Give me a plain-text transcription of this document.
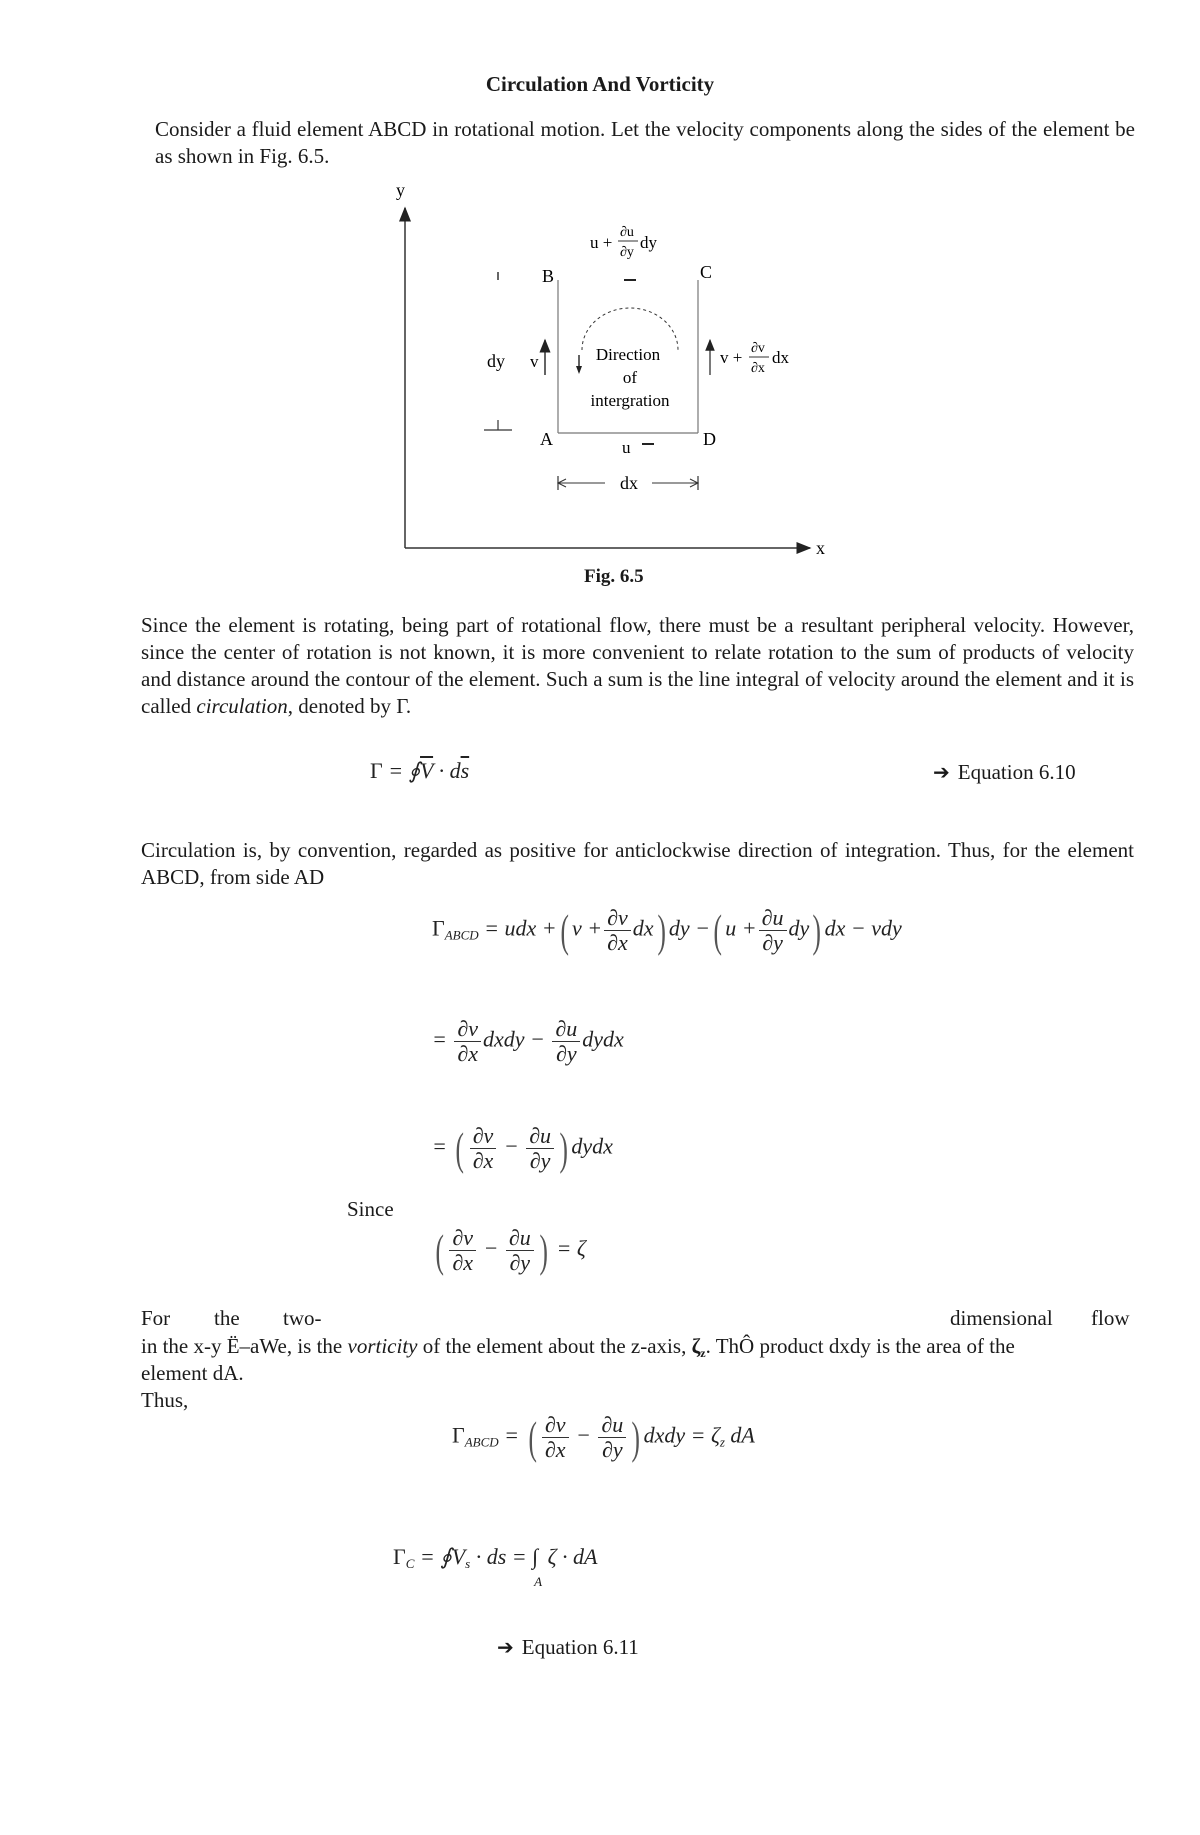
Circulation And Vorticity
Consider a fluid element ABCD in rotational motion. Let the velocity components along the sides of the element be as shown in Fig. 6.5.
y
x
B	C
A	D
u +
∂u
∂y
dy
v	v + ∂v
∂x
dx
u
dy
dx
Direction
of
intergration
Fig. 6.5
Since the element is rotating, being part of rotational flow, there must be a resultant peripheral velocity. However, since the center of rotation is not known, it is more convenient to relate rotation to the sum of products of velocity and distance around the contour of the element. Such a sum is the line integral of velocity around the element and it is called circulation, denoted by Γ.
$\Gamma = ∮\overline{V} \cdot d\overline{s}$	➔ Equation 6.10
Circulation is, by convention, regarded as positive for anticlockwise direction of integration. Thus, for the element ABCD, from side AD
$\Gamma_{ABCD}$ = udx +( $v + \frac{\partial v}{\partial x} dx$) dy −( $u + \frac{\partial u}{\partial y} dy$) dx − vdy
= $\frac{\partial v}{\partial x}$ dxdy − $\frac{\partial u}{\partial y}$ dydx
= ( $\frac{\partial v}{\partial x} - \frac{\partial u}{\partial y}$ ) dydx
Since
( $\frac{\partial v}{\partial x} - \frac{\partial u}{\partial y}$ ) = ζ
For the two-	dimensional flow
in the x-y Ë–aWe, is the vorticity of the element about the z-axis, $\zeta_z$. ThÔ product dxdy is the area of the
element dA.
Thus,
$\Gamma_{ABCD}$ = ( $\frac{\partial v}{\partial x} - \frac{\partial u}{\partial y}$ ) dxdy = $\zeta_z$ dA
$\Gamma_C$ = $∮V_s$ · ds = $\int_A$ ζ · dA
➔ Equation 6.11
